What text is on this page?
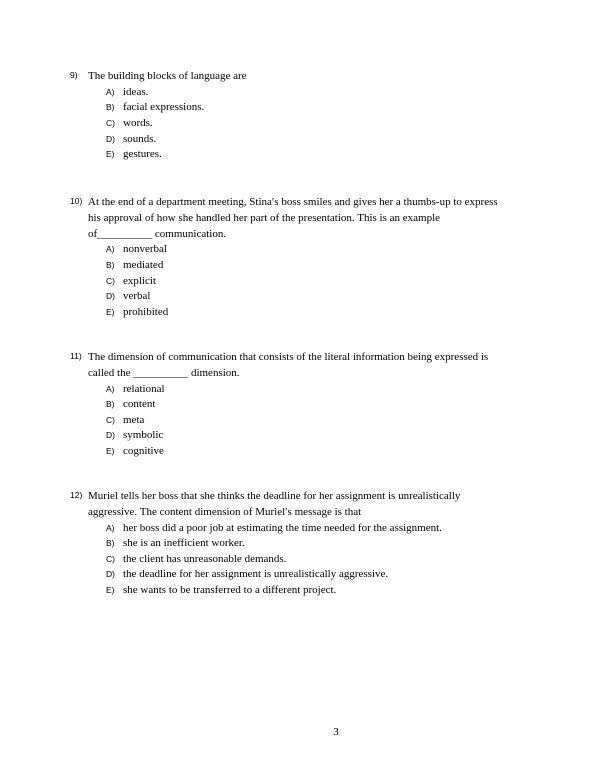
9) The building blocks of language are
A) ideas.
B) facial expressions.
C) words.
D) sounds.
E) gestures.
10) At the end of a department meeting, Stina′s boss smiles and gives her a thumbs-up to express
his approval of how she handled her part of the presentation. This is an example
of__________ communication.
A) nonverbal
B) mediated
C) explicit
D) verbal
E) prohibited
11) The dimension of communication that consists of the literal information being expressed is
called the __________ dimension.
A) relational
B) content
C) meta
D) symbolic
E) cognitive
12) Muriel tells her boss that she thinks the deadline for her assignment is unrealistically
aggressive. The content dimension of Muriel′s message is that
A) her boss did a poor job at estimating the time needed for the assignment.
B) she is an inefficient worker.
C) the client has unreasonable demands.
D) the deadline for her assignment is unrealistically aggressive.
E) she wants to be transferred to a different project.
3
